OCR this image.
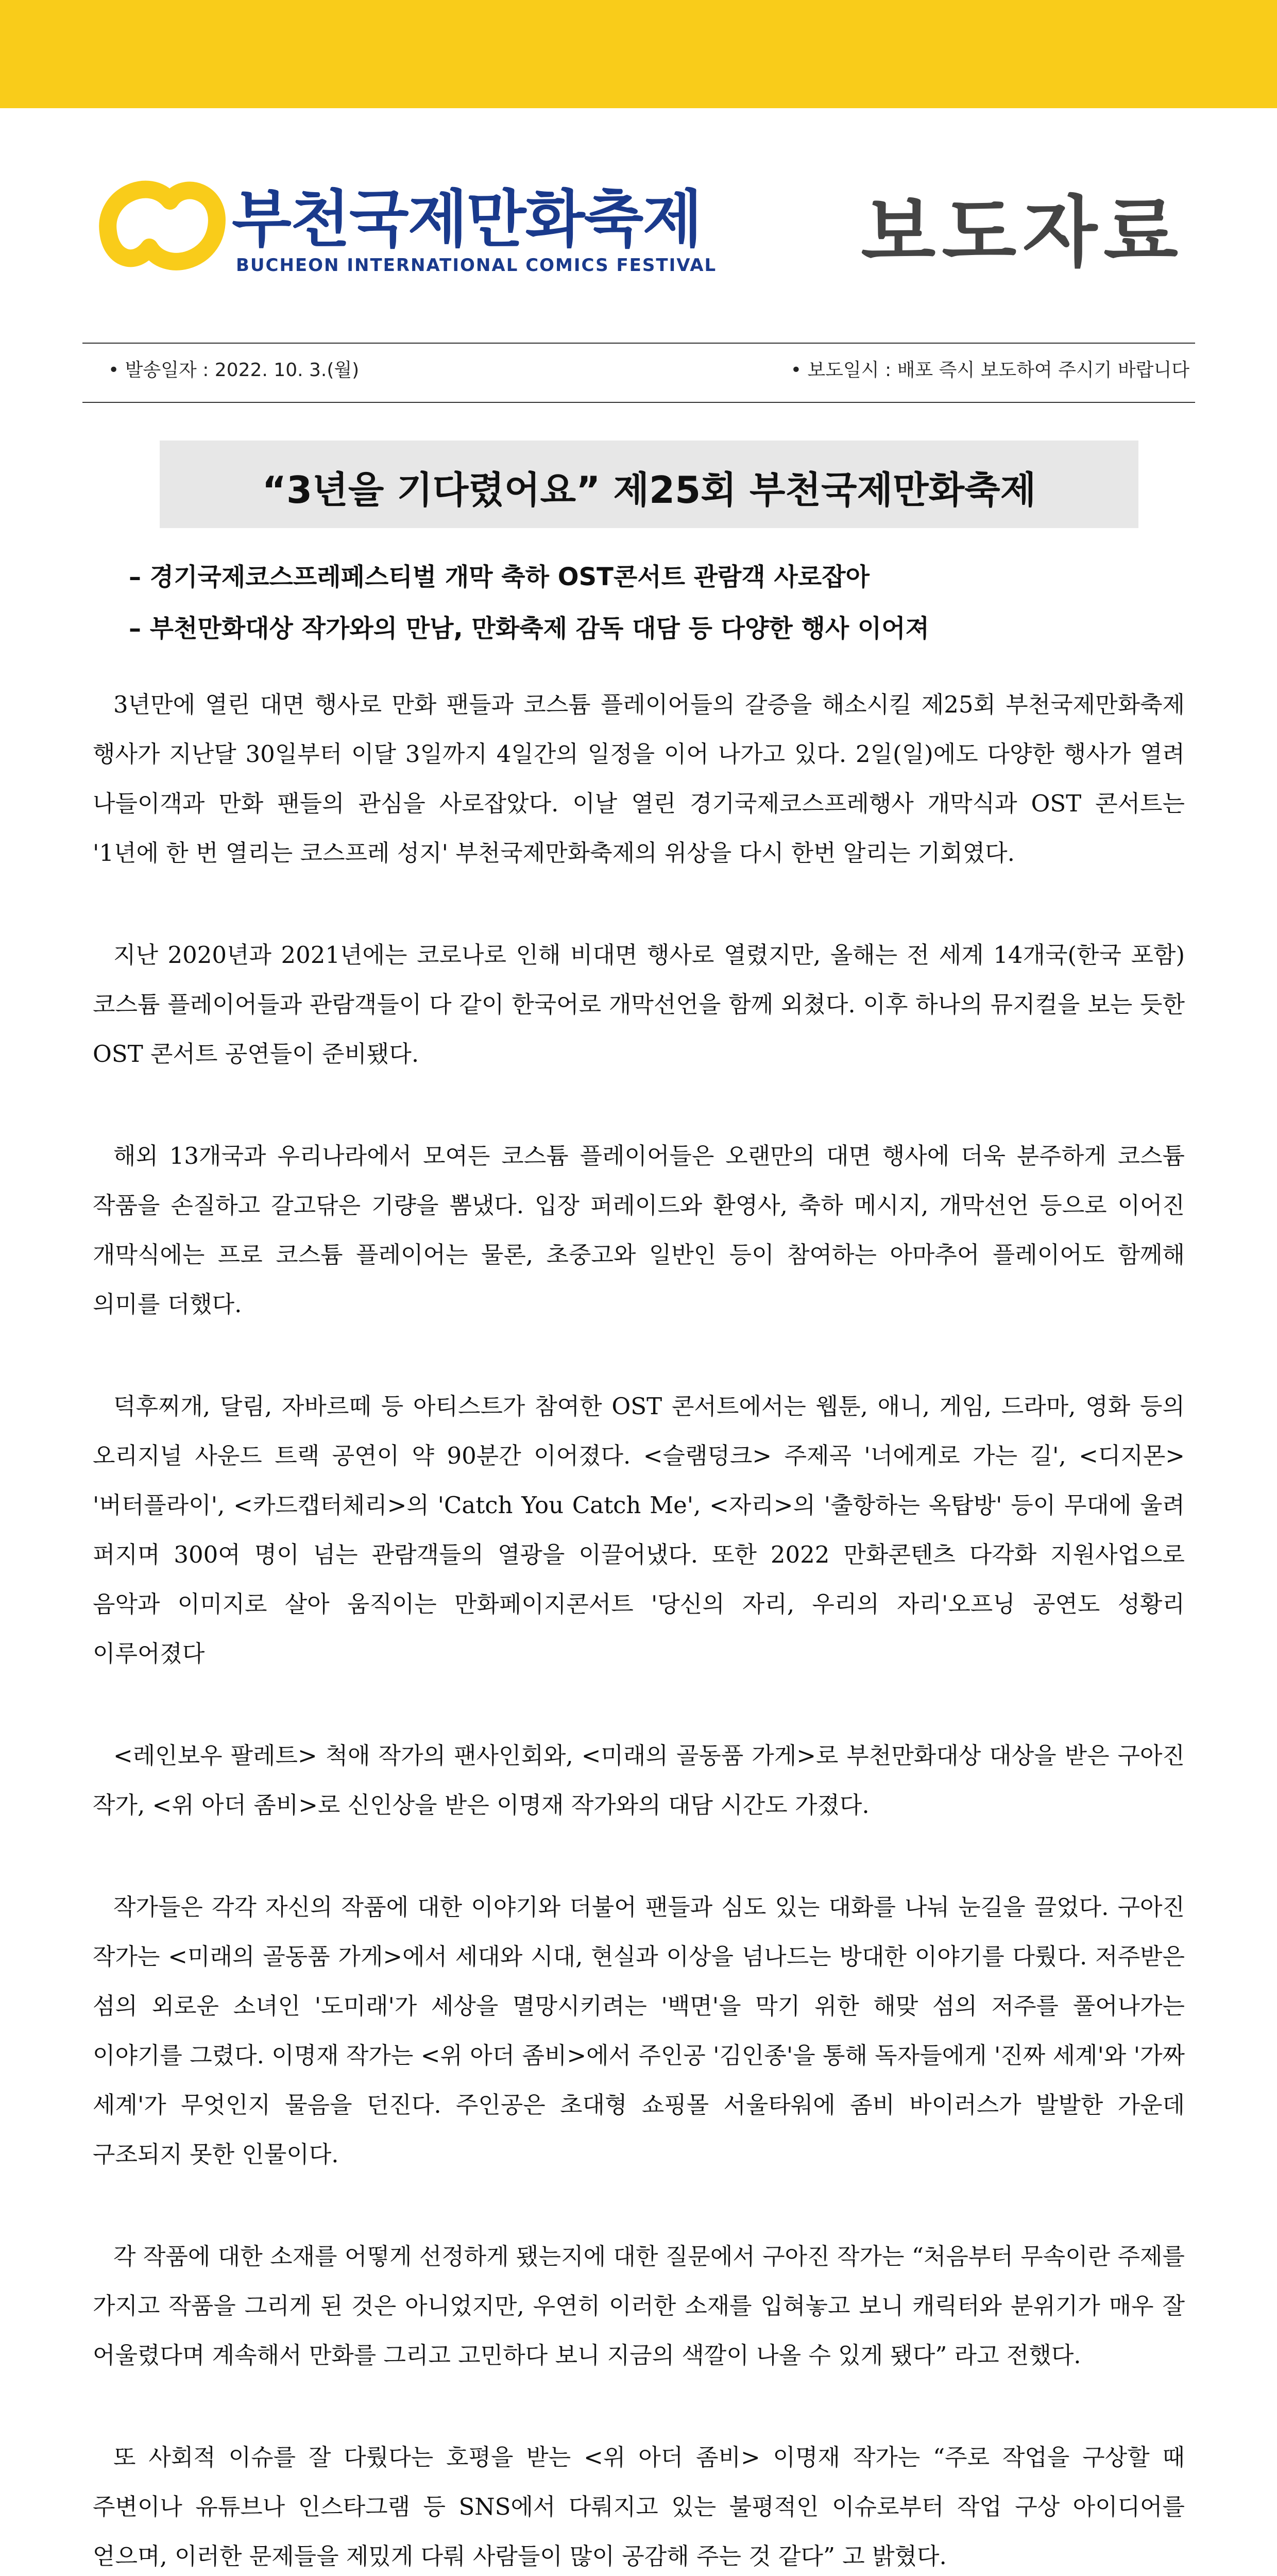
부천국제만화축제
BUCHEON INTERNATIONAL COMICS FESTIVAL 보도자료
• 발송일자 : 2022. 10. 3.(월)	• 보도일시 : 배포 즉시 보도하여 주시기 바랍니다
“3년을 기다렸어요” 제25회 부천국제만화축제
– 경기국제코스프레페스티벌 개막 축하 OST콘서트 관람객 사로잡아
– 부천만화대상 작가와의 만남, 만화축제 감독 대담 등 다양한 행사 이어져

3년만에 열린 대면 행사로 만화 팬들과 코스튬 플레이어들의 갈증을 해소시킬 제25회 부천국제만화축제 행사가 지난달 30일부터 이달 3일까지 4일간의 일정을 이어 나가고 있다. 2일(일)에도 다양한 행사가 열려 나들이객과 만화 팬들의 관심을 사로잡았다. 이날 열린 경기국제코스프레행사 개막식과 OST 콘서트는 '1년에 한 번 열리는 코스프레 성지' 부천국제만화축제의 위상을 다시 한번 알리는 기회였다.

지난 2020년과 2021년에는 코로나로 인해 비대면 행사로 열렸지만, 올해는 전 세계 14개국(한국 포함) 코스튬 플레이어들과 관람객들이 다 같이 한국어로 개막선언을 함께 외쳤다. 이후 하나의 뮤지컬을 보는 듯한 OST 콘서트 공연들이 준비됐다.

해외 13개국과 우리나라에서 모여든 코스튬 플레이어들은 오랜만의 대면 행사에 더욱 분주하게 코스튬 작품을 손질하고 갈고닦은 기량을 뽐냈다. 입장 퍼레이드와 환영사, 축하 메시지, 개막선언 등으로 이어진 개막식에는 프로 코스튬 플레이어는 물론, 초중고와 일반인 등이 참여하는 아마추어 플레이어도 함께해 의미를 더했다.

덕후찌개, 달림, 자바르떼 등 아티스트가 참여한 OST 콘서트에서는 웹툰, 애니, 게임, 드라마, 영화 등의 오리지널 사운드 트랙 공연이 약 90분간 이어졌다. <슬램덩크> 주제곡 '너에게로 가는 길', <디지몬> '버터플라이', <카드캡터체리>의 'Catch You Catch Me', <자리>의 '출항하는 옥탑방' 등이 무대에 울려 퍼지며 300여 명이 넘는 관람객들의 열광을 이끌어냈다. 또한 2022 만화콘텐츠 다각화 지원사업으로 음악과 이미지로 살아 움직이는 만화페이지콘서트 '당신의 자리, 우리의 자리'오프닝 공연도 성황리 이루어졌다

<레인보우 팔레트> 척애 작가의 팬사인회와, <미래의 골동품 가게>로 부천만화대상 대상을 받은 구아진 작가, <위 아더 좀비>로 신인상을 받은 이명재 작가와의 대담 시간도 가졌다.

작가들은 각각 자신의 작품에 대한 이야기와 더불어 팬들과 심도 있는 대화를 나눠 눈길을 끌었다. 구아진 작가는 <미래의 골동품 가게>에서 세대와 시대, 현실과 이상을 넘나드는 방대한 이야기를 다뤘다. 저주받은 섬의 외로운 소녀인 '도미래'가 세상을 멸망시키려는 '백면'을 막기 위한 해맞 섬의 저주를 풀어나가는 이야기를 그렸다. 이명재 작가는 <위 아더 좀비>에서 주인공 '김인종'을 통해 독자들에게 '진짜 세계'와 '가짜 세계'가 무엇인지 물음을 던진다. 주인공은 초대형 쇼핑몰 서울타워에 좀비 바이러스가 발발한 가운데 구조되지 못한 인물이다.

각 작품에 대한 소재를 어떻게 선정하게 됐는지에 대한 질문에서 구아진 작가는 “처음부터 무속이란 주제를 가지고 작품을 그리게 된 것은 아니었지만, 우연히 이러한 소재를 입혀놓고 보니 캐릭터와 분위기가 매우 잘 어울렸다며 계속해서 만화를 그리고 고민하다 보니 지금의 색깔이 나올 수 있게 됐다” 라고 전했다.

또 사회적 이슈를 잘 다뤘다는 호평을 받는 <위 아더 좀비> 이명재 작가는 “주로 작업을 구상할 때 주변이나 유튜브나 인스타그램 등 SNS에서 다뤄지고 있는 불평적인 이슈로부터 작업 구상 아이디어를 얻으며, 이러한 문제들을 제밌게 다뤄 사람들이 많이 공감해 주는 것 같다” 고 밝혔다.
